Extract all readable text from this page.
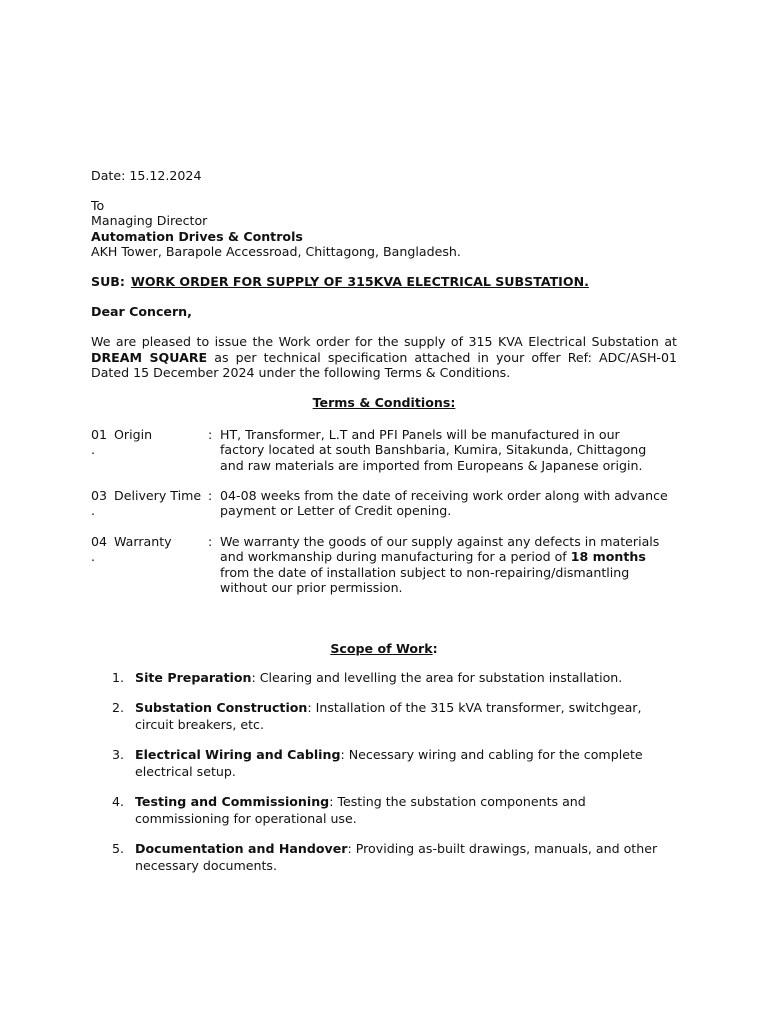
Date: 15.12.2024
To
Managing Director
Automation Drives & Controls
AKH Tower, Barapole Accessroad, Chittagong, Bangladesh.
SUB: WORK ORDER FOR SUPPLY OF 315KVA ELECTRICAL SUBSTATION.
Dear Concern,
We are pleased to issue the Work order for the supply of 315 KVA Electrical Substation at DREAM SQUARE as per technical specification attached in your offer Ref: ADC/ASH-01 Dated 15 December 2024 under the following Terms & Conditions.
Terms & Conditions:
01
.
Origin	: HT, Transformer, L.T and PFI Panels will be manufactured in our
factory located at south Banshbaria, Kumira, Sitakunda, Chittagong
and raw materials are imported from Europeans & Japanese origin.
03
.
Delivery Time : 04-08 weeks from the date of receiving work order along with advance
payment or Letter of Credit opening.
04
.
Warranty	: We warranty the goods of our supply against any defects in materials
and workmanship during manufacturing for a period of 18 months
from the date of installation subject to non-repairing/dismantling
without our prior permission.
Scope of Work:
1. Site Preparation: Clearing and levelling the area for substation installation.
2. Substation Construction: Installation of the 315 kVA transformer, switchgear, circuit breakers, etc.
3. Electrical Wiring and Cabling: Necessary wiring and cabling for the complete electrical setup.
4. Testing and Commissioning: Testing the substation components and commissioning for operational use.
5. Documentation and Handover: Providing as-built drawings, manuals, and other necessary documents.
